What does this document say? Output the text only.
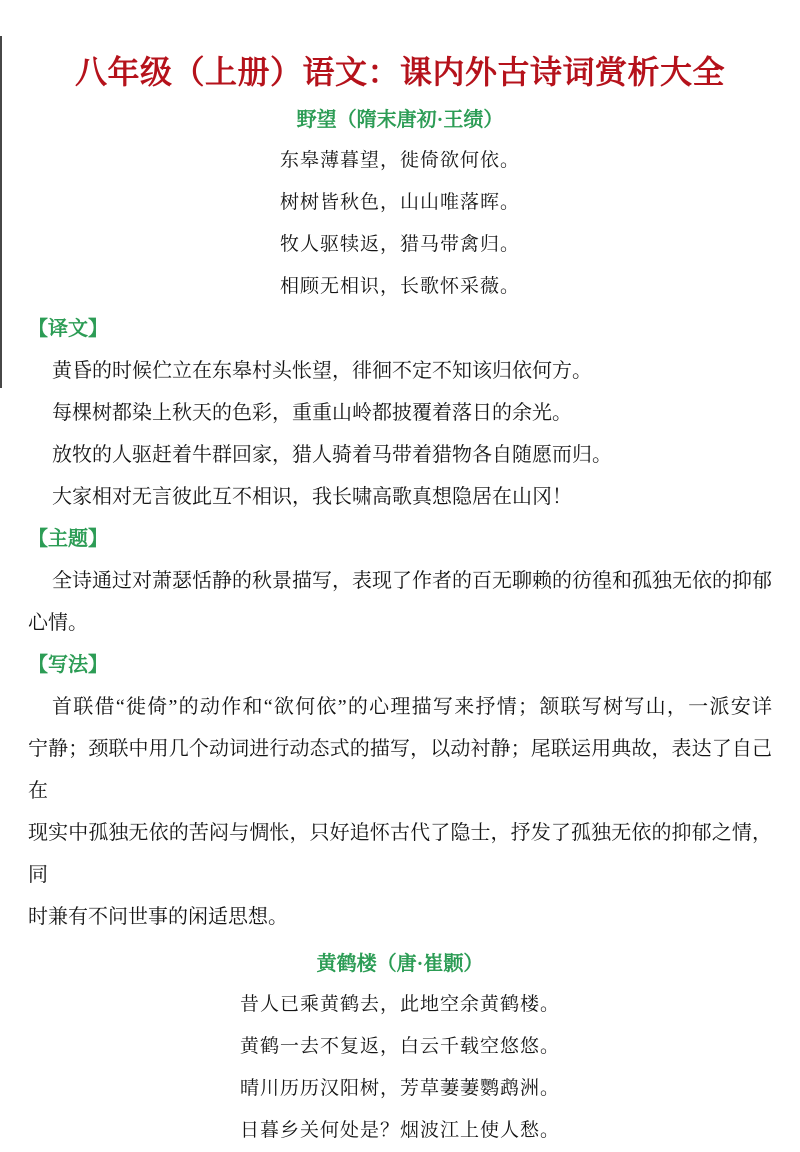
八年级（上册）语文：课内外古诗词赏析大全
野望（隋末唐初·王绩）
东皋薄暮望，徙倚欲何依。
树树皆秋色，山山唯落晖。
牧人驱犊返，猎马带禽归。
相顾无相识，长歌怀采薇。
【译文】
黄昏的时候伫立在东皋村头怅望，徘徊不定不知该归依何方。
每棵树都染上秋天的色彩，重重山岭都披覆着落日的余光。
放牧的人驱赶着牛群回家，猎人骑着马带着猎物各自随愿而归。
大家相对无言彼此互不相识，我长啸高歌真想隐居在山冈！
【主题】
全诗通过对萧瑟恬静的秋景描写，表现了作者的百无聊赖的彷徨和孤独无依的抑郁
心情。
【写法】
首联借“徙倚”的动作和“欲何依”的心理描写来抒情；颔联写树写山，一派安详
宁静；颈联中用几个动词进行动态式的描写，以动衬静；尾联运用典故，表达了自己在
现实中孤独无依的苦闷与惆怅，只好追怀古代了隐士，抒发了孤独无依的抑郁之情，同
时兼有不问世事的闲适思想。
黄鹤楼（唐·崔颢）
昔人已乘黄鹤去，此地空余黄鹤楼。
黄鹤一去不复返，白云千载空悠悠。
晴川历历汉阳树，芳草萋萋鹦鹉洲。
日暮乡关何处是？烟波江上使人愁。
